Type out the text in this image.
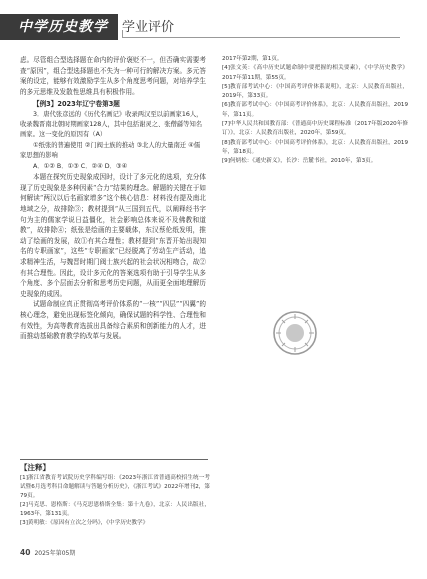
中学历史教学	学业评价

虑。尽管组合型选择题在命内的评价褒贬不一，但否确实需要考查“原因”，组合型选择题也不失为一种可行的解决方案。多元答案的设定，能够有效激励学生从多个角度思考问题，对培养学生的多元思维及发散性思维具有积极作用。

【例3】2023年辽宁卷第3题

3．唐代张彦远的《历代名画记》收录两汉至以前画家16人，收录魏晋南北朝时期画家128人，其中包括谢灵之、张僧繇等知名画家。这一变化的原因有（A）

①纸张的普遍使用 ②门阀士族的推动 ③北人的大量南迁 ④儒家思想的影响

A．①② B．①③ C．②④ D．③④

本题在探究历史现象成因时，设计了多元化的选项，充分体现了历史现象是多种因素“合力”结果的理念。解题的关键在于如何解读“两汉以后名画家增多”这个核心信息：材料没有提及南北地域之分，故排除③；教材提到“从三国到五代，以阐释经书字句为主的儒家学说日益僵化，社会影响总体来说不及佛教和道教”，故排除④；纸张是绘画的主要载体，东汉蔡伦纸发明，推动了绘画的发展，故①有其合理性；教材提到“东晋开始出现知名的专职画家”，这些“专职画家”已经脱离了劳动生产活动，追求精神生活，与魏晋时期门阀士族兴起的社会状况相吻合，故②有其合理性。因此，设计多元化的答案选项有助于引导学生从多个角度、多个层面去分析和思考历史问题，从而更全面地理解历史现象的成因。

试题命制应真正贯彻高考评价体系的“一核”“四层”“四翼”的核心理念，避免出现标签化倾向，确保试题的科学性、合理性和有效性，为高等教育选拔出具备综合素质和创新能力的人才，进而推动基础教育教学的改革与发展。

【注释】

[1]浙江省教育考试院历史学科编写组：《2023年浙江省普通高校招生统一考试暨6月选考科目命题解读与答题分析历史》，《浙江考试》2022年增刊2，第79页。

[2]马克思、恩格斯：《马克思恩格斯全集：第十九卷》，北京：人民出版社，1963年，第131页。

[3]黄明敏：《原因有立次之分吗》，《中学历史教学》

2017年第2期，第1页。

[4]张文英：《高中历史试题命制中要把握的相关要素》，《中学历史教学》2017年第11期，第55页。

[5]教育部考试中心：《中国高考评价体系说明》，北京：人民教育出版社，2019年，第33页。

[6]教育部考试中心：《中国高考评价体系》，北京：人民教育出版社，2019年，第11页。

[7]中华人民共和国教育部：《普通高中历史课程标准（2017年版2020年修订）》，北京：人民教育出版社，2020年，第59页。

[8]教育部考试中心：《中国高考评价体系》，北京：人民教育出版社，2019年，第18页。

[9]何炳松：《通史新义》，长沙：岳麓书社，2010年，第3页。

40 2025年第05期
